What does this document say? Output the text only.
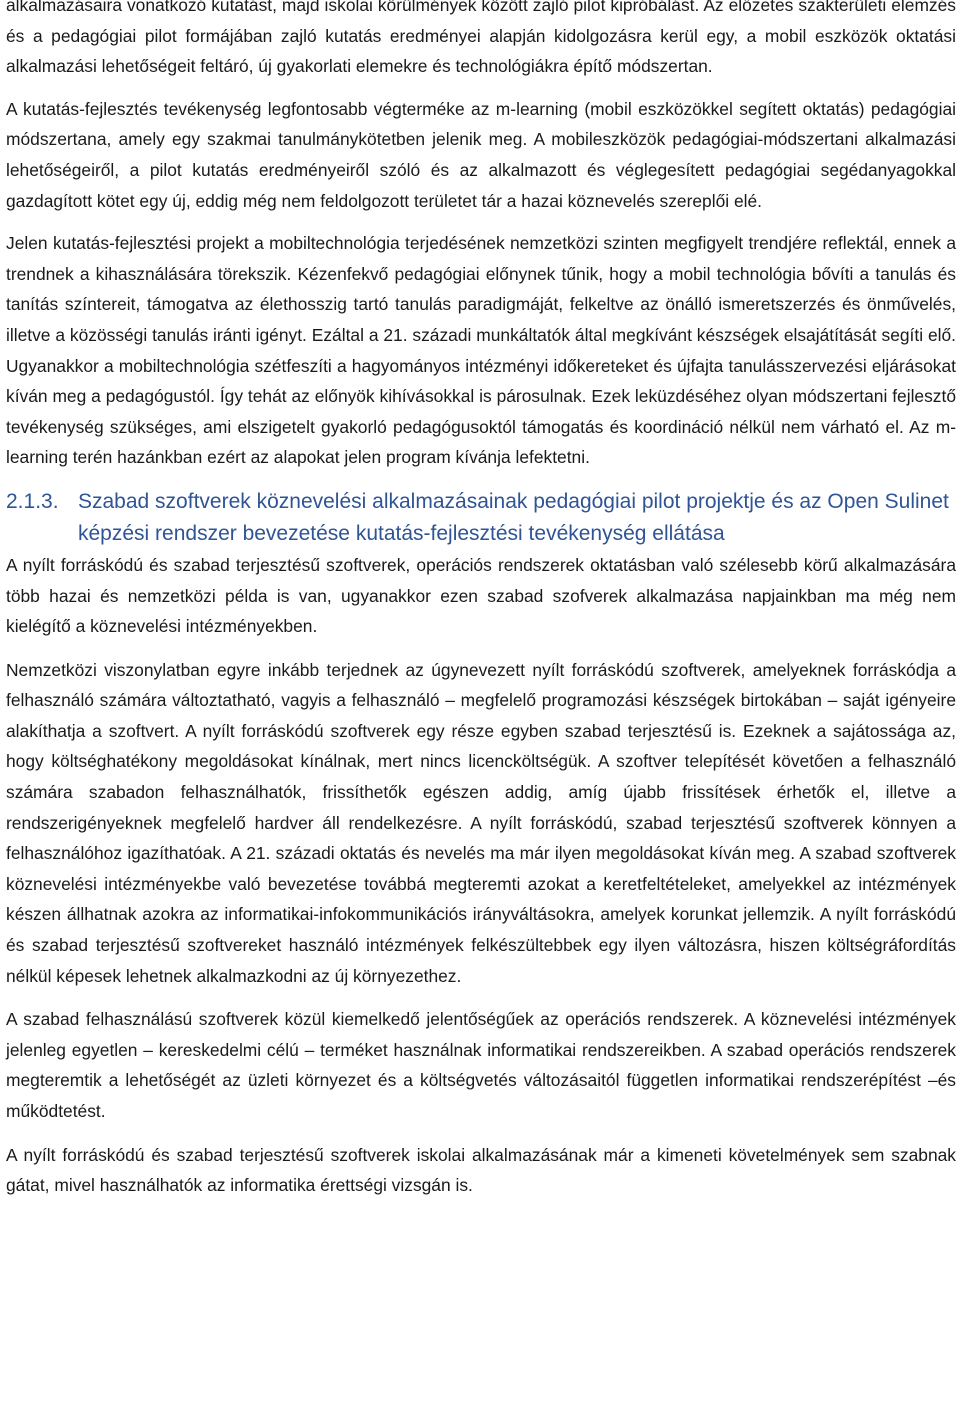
alkalmazásaira vonatkozó kutatást, majd iskolai körülmények között zajló pilot kipróbálást. Az előzetes szakterületi elemzés és a pedagógiai pilot formájában zajló kutatás eredményei alapján kidolgozásra kerül egy, a mobil eszközök oktatási alkalmazási lehetőségeit feltáró, új gyakorlati elemekre és technológiákra építő módszertan.

A kutatás-fejlesztés tevékenység legfontosabb végterméke az m-learning (mobil eszközökkel segített oktatás) pedagógiai módszertana, amely egy szakmai tanulmánykötetben jelenik meg. A mobileszközök pedagógiai-módszertani alkalmazási lehetőségeiről, a pilot kutatás eredményeiről szóló és az alkalmazott és véglegesített pedagógiai segédanyagokkal gazdagított kötet egy új, eddig még nem feldolgozott területet tár a hazai köznevelés szereplői elé.

Jelen kutatás-fejlesztési projekt a mobiltechnológia terjedésének nemzetközi szinten megfigyelt trendjére reflektál, ennek a trendnek a kihasználására törekszik. Kézenfekvő pedagógiai előnynek tűnik, hogy a mobil technológia bővíti a tanulás és tanítás színtereit, támogatva az élethosszig tartó tanulás paradigmáját, felkeltve az önálló ismeretszerzés és önművelés, illetve a közösségi tanulás iránti igényt. Ezáltal a 21. századi munkáltatók által megkívánt készségek elsajátítását segíti elő. Ugyanakkor a mobiltechnológia szétfeszíti a hagyományos intézményi időkereteket és újfajta tanulásszervezési eljárásokat kíván meg a pedagógustól. Így tehát az előnyök kihívásokkal is párosulnak. Ezek leküzdéséhez olyan módszertani fejlesztő tevékenység szükséges, ami elszigetelt gyakorló pedagógusoktól támogatás és koordináció nélkül nem várható el. Az m-learning terén hazánkban ezért az alapokat jelen program kívánja lefektetni.

2.1.3. Szabad szoftverek köznevelési alkalmazásainak pedagógiai pilot projektje és az Open Sulinet képzési rendszer bevezetése kutatás-fejlesztési tevékenység ellátása

A nyílt forráskódú és szabad terjesztésű szoftverek, operációs rendszerek oktatásban való szélesebb körű alkalmazására több hazai és nemzetközi példa is van, ugyanakkor ezen szabad szofverek alkalmazása napjainkban ma még nem kielégítő a köznevelési intézményekben.

Nemzetközi viszonylatban egyre inkább terjednek az úgynevezett nyílt forráskódú szoftverek, amelyeknek forráskódja a felhasználó számára változtatható, vagyis a felhasználó – megfelelő programozási készségek birtokában – saját igényeire alakíthatja a szoftvert. A nyílt forráskódú szoftverek egy része egyben szabad terjesztésű is. Ezeknek a sajátossága az, hogy költséghatékony megoldásokat kínálnak, mert nincs licencköltségük. A szoftver telepítését követően a felhasználó számára szabadon felhasználhatók, frissíthetők egészen addig, amíg újabb frissítések érhetők el, illetve a rendszerigényeknek megfelelő hardver áll rendelkezésre. A nyílt forráskódú, szabad terjesztésű szoftverek könnyen a felhasználóhoz igazíthatóak. A 21. századi oktatás és nevelés ma már ilyen megoldásokat kíván meg. A szabad szoftverek köznevelési intézményekbe való bevezetése továbbá megteremti azokat a keretfeltételeket, amelyekkel az intézmények készen állhatnak azokra az informatikai-infokommunikációs irányváltásokra, amelyek korunkat jellemzik. A nyílt forráskódú és szabad terjesztésű szoftvereket használó intézmények felkészültebbek egy ilyen változásra, hiszen költségráfordítás nélkül képesek lehetnek alkalmazkodni az új környezethez.

A szabad felhasználású szoftverek közül kiemelkedő jelentőségűek az operációs rendszerek. A köznevelési intézmények jelenleg egyetlen – kereskedelmi célú – terméket használnak informatikai rendszereikben. A szabad operációs rendszerek megteremtik a lehetőségét az üzleti környezet és a költségvetés változásaitól független informatikai rendszerépítést –és működtetést.

A nyílt forráskódú és szabad terjesztésű szoftverek iskolai alkalmazásának már a kimeneti követelmények sem szabnak gátat, mivel használhatók az informatika érettségi vizsgán is.
